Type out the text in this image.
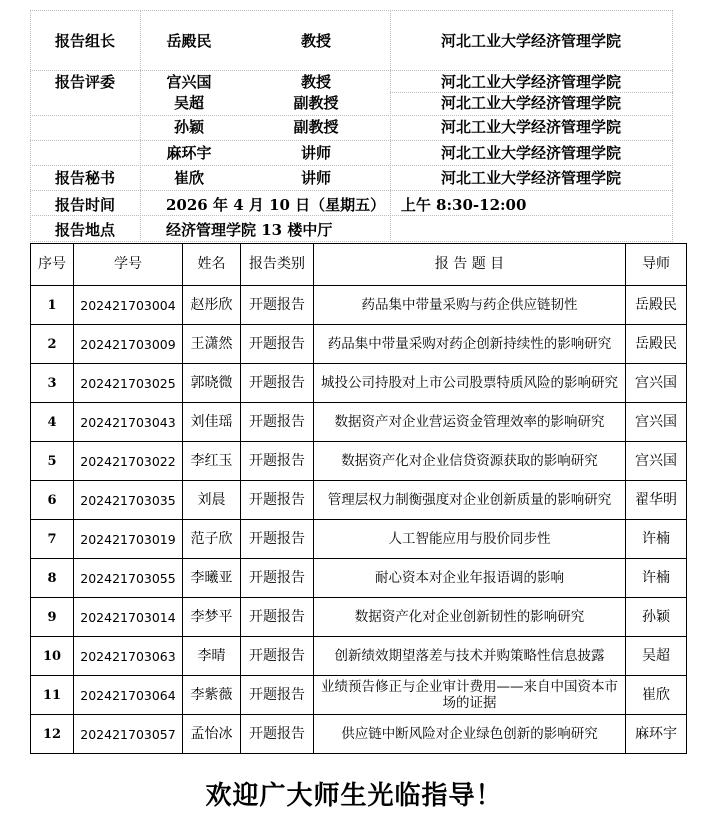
报告组长	岳殿民	教授	河北工业大学经济管理学院
报告评委	宫兴国	教授	河北工业大学经济管理学院
吴超	副教授	河北工业大学经济管理学院
孙颖	副教授	河北工业大学经济管理学院
麻环宇	讲师	河北工业大学经济管理学院
报告秘书	崔欣	讲师	河北工业大学经济管理学院
报告时间	2026 年 4 月 10 日（星期五）   上午 8:30-12:00
报告地点	经济管理学院 13 楼中厅
序号	学号	姓名	报告类别	报 告 题 目	导师
1	202421703004	赵彤欣	开题报告	药品集中带量采购与药企供应链韧性	岳殿民
2	202421703009	王潇然	开题报告	药品集中带量采购对药企创新持续性的影响研究	岳殿民
3	202421703025	郭晓微	开题报告	城投公司持股对上市公司股票特质风险的影响研究	宫兴国
4	202421703043	刘佳瑶	开题报告	数据资产对企业营运资金管理效率的影响研究	宫兴国
5	202421703022	李红玉	开题报告	数据资产化对企业信贷资源获取的影响研究	宫兴国
6	202421703035	刘晨	开题报告	管理层权力制衡强度对企业创新质量的影响研究	翟华明
7	202421703019	范子欣	开题报告	人工智能应用与股价同步性	许楠
8	202421703055	李曦亚	开题报告	耐心资本对企业年报语调的影响	许楠
9	202421703014	李梦平	开题报告	数据资产化对企业创新韧性的影响研究	孙颖
10	202421703063	李晴	开题报告	创新绩效期望落差与技术并购策略性信息披露	吴超
11	202421703064	李紫薇	开题报告	业绩预告修正与企业审计费用——来自中国资本市场的证据	崔欣
12	202421703057	孟怡冰	开题报告	供应链中断风险对企业绿色创新的影响研究	麻环宇
欢迎广大师生光临指导！
